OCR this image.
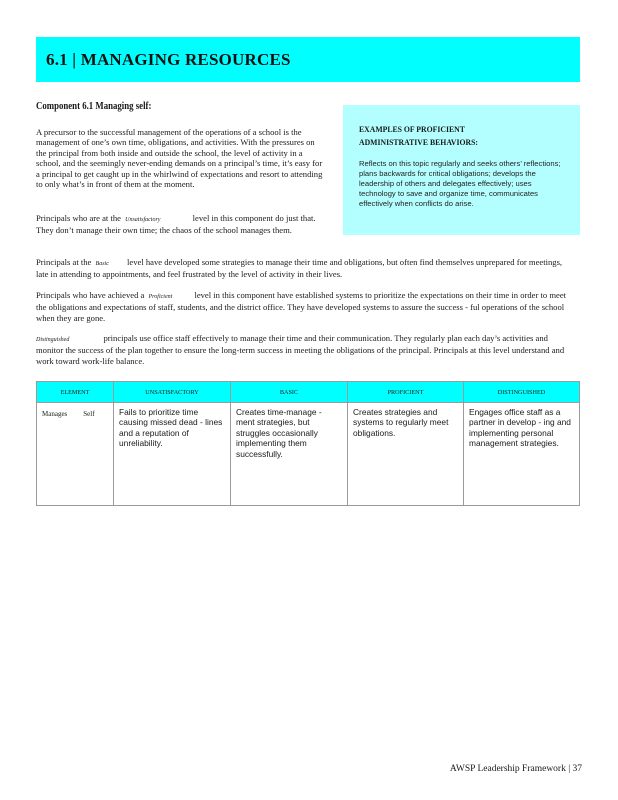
6.1 | MANAGING RESOURCES
Component 6.1 Managing self:

A precursor to the successful management of the operations of a school is the management of one’s own time, obligations, and activities. With the pressures on the principal from both inside and outside the school, the level of activity in a school, and the seemingly never-ending demands on a principal’s time, it’s easy for a principal to get caught up in the whirlwind of expectations and resort to attending to only what’s in front of them at the moment.

Principals who are at the Unsatisfactory	level in this component do just that. They don’t manage their own time; the chaos of the school manages them.

Principals at the Basic level have developed some strategies to manage their time and obligations, but often find themselves unprepared for meetings, late in attending to appointments, and feel frustrated by the level of activity in their lives.

Principals who have achieved a Proficient	level in this component have established systems to prioritize the expectations on their time in order to meet the obligations and expectations of staff, students, and the district office. They have developed systems to assure the success - ful operations of the school when they are gone.

Distinguished	principals use office staff effectively to manage their time and their communication. They regularly plan each day’s activities and monitor the success of the plan together to ensure the long-term success in meeting the obligations of the principal. Principals at this level understand and work toward work-life balance.

EXAMPLES OF PROFICIENT
ADMINISTRATIVE BEHAVIORS:
Reflects on this topic regularly and seeks others’ reflections; plans backwards for critical obligations; develops the leadership of others and delegates effectively; uses technology to save and organize time, communicates effectively when conflicts do arise.
ELEMENT	UNSATISFACTORY	BASIC	PROFICIENT	DISTINGUISHED
Manages Self	Fails to prioritize time causing missed dead - lines and a reputation of unreliability.	Creates time-manage - ment strategies, but struggles occasionally implementing them successfully.	Creates strategies and systems to regularly meet obligations.	Engages office staff as a partner in develop - ing and implementing personal management strategies.
AWSP Leadership Framework | 37
